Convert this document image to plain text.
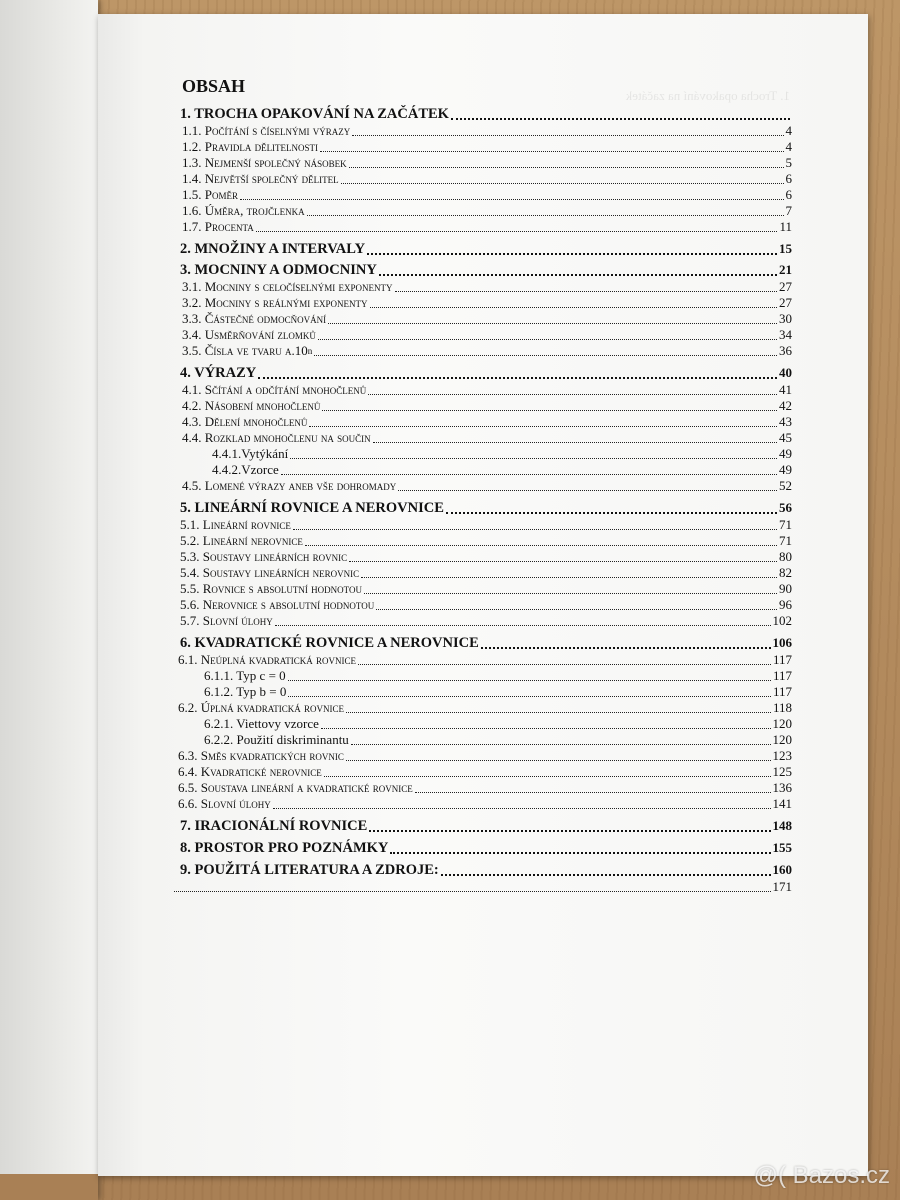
OBSAH
1. TROCHA OPAKOVÁNÍ NA ZAČÁTEK
1.1. Počítání s číselnými výrazy	4
1.2. Pravidla dělitelnosti	4
1.3. Nejmenší společný násobek	5
1.4. Největší společný dělitel	6
1.5. Poměr	6
1.6. Úměra, trojčlenka	7
1.7. Procenta	11
2. MNOŽINY A INTERVALY	15
3. MOCNINY A ODMOCNINY	21
3.1. Mocniny s celočíselnými exponenty	27
3.2. Mocniny s reálnými exponenty	27
3.3. Částečné odmocňování	30
3.4. Usměrňování zlomků	34
3.5. Čísla ve tvaru a.10 n	36
4. VÝRAZY	40
4.1. Sčítání a odčítání mnohočlenů	41
4.2. Násobení mnohočlenů	42
4.3. Dělení mnohočlenů	43
4.4. Rozklad mnohočlenu na součin	45
4.4.1.Vytýkání	49
4.4.2.Vzorce	49
4.5. Lomené výrazy aneb vše dohromady	52
5. LINEÁRNÍ ROVNICE A NEROVNICE	56
5.1. Lineární rovnice	71
5.2. Lineární nerovnice	71
5.3. Soustavy lineárních rovnic	80
5.4. Soustavy lineárních nerovnic	82
5.5. Rovnice s absolutní hodnotou	90
5.6. Nerovnice s absolutní hodnotou	96
5.7. Slovní úlohy	102
6. KVADRATICKÉ ROVNICE A NEROVNICE	106
6.1. Neúplná kvadratická rovnice	117
6.1.1. Typ c = 0	117
6.1.2. Typ b = 0	117
6.2. Úplná kvadratická rovnice	118
6.2.1. Viettovy vzorce	120
6.2.2. Použití diskriminantu	120
6.3. Směs kvadratických rovnic	123
6.4. Kvadratické nerovnice	125
6.5. Soustava lineární a kvadratické rovnice	136
6.6. Slovní úlohy	141
7. IRACIONÁLNÍ ROVNICE	148
8. PROSTOR PRO POZNÁMKY	155
9. POUŽITÁ LITERATURA A ZDROJE:	160
171
@( Bazos.cz
